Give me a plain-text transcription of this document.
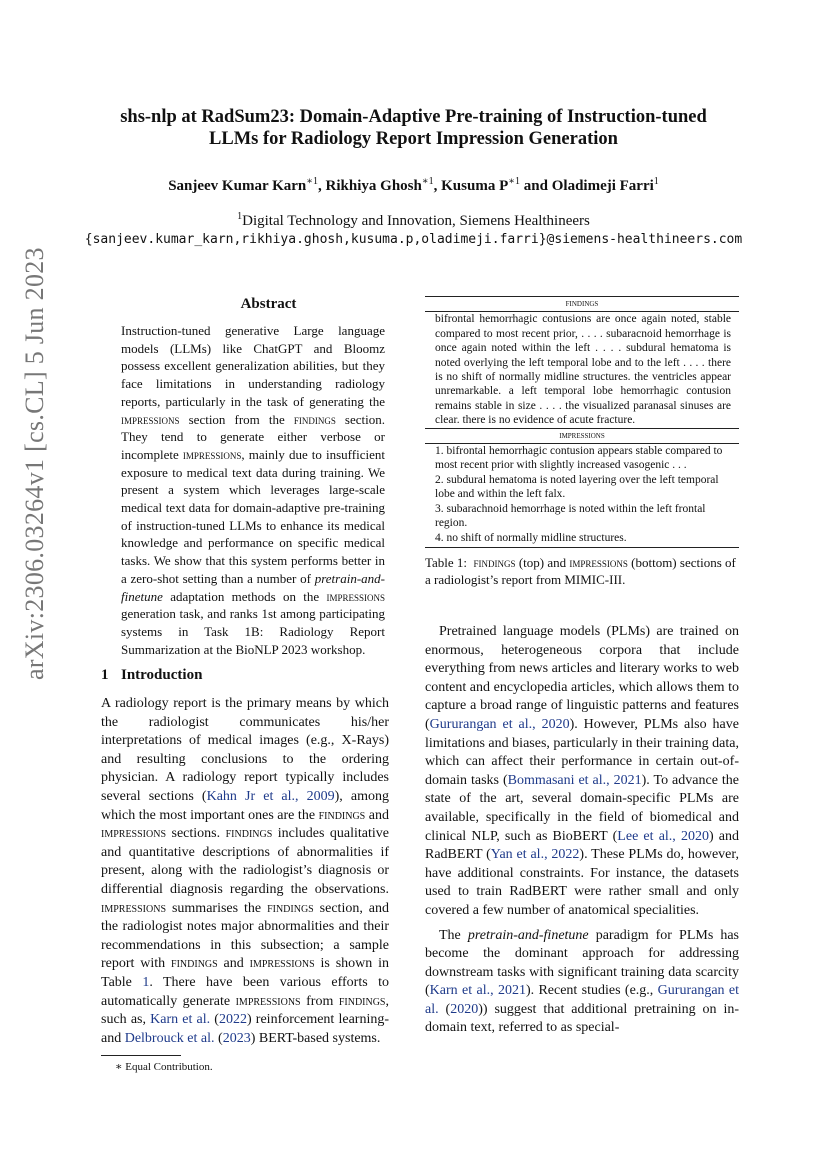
arXiv:2306.03264v1 [cs.CL] 5 Jun 2023
shs-nlp at RadSum23: Domain-Adaptive Pre-training of Instruction-tuned
LLMs for Radiology Report Impression Generation
Sanjeev Kumar Karn$^{∗1}$, Rikhiya Ghosh$^{∗1}$, Kusuma $P^{∗1}$ and Oladimeji Farri$^1$
$^1$Digital Technology and Innovation, Siemens Healthineers
{sanjeev.kumar_karn,rikhiya.ghosh,kusuma.p,oladimeji.farri}@siemens-healthineers.com
Abstract
Instruction-tuned generative Large language models (LLMs) like ChatGPT and Bloomz possess excellent generalization abilities, but they face limitations in understanding radiology reports, particularly in the task of generating the impressions section from the findings section. They tend to generate either verbose or incomplete impressions, mainly due to insufficient exposure to medical text data during training. We present a system which leverages large-scale medical text data for domain-adaptive pre-training of instruction-tuned LLMs to enhance its medical knowledge and performance on specific medical tasks. We show that this system performs better in a zero-shot setting than a number of pretrain-and-finetune adaptation methods on the impressions generation task, and ranks 1st among participating systems in Task 1B: Radiology Report Summarization at the BioNLP 2023 workshop.
1 Introduction
A radiology report is the primary means by which the radiologist communicates his/her interpretations of medical images (e.g., X-Rays) and resulting conclusions to the ordering physician. A radiology report typically includes several sections (Kahn Jr et al., 2009), among which the most important ones are the findings and impressions sections. findings includes qualitative and quantitative descriptions of abnormalities if present, along with the radiologist’s diagnosis or differential diagnosis regarding the observations. impressions summarises the findings section, and the radiologist notes major abnormalities and their recommendations in this subsection; a sample report with findings and impressions is shown in Table 1. There have been various efforts to automatically generate impressions from findings, such as, Karn et al. (2022) reinforcement learning- and Delbrouck et al. (2023) BERT-based systems.
∗ Equal Contribution.
findings
bifrontal hemorrhagic contusions are once again noted, stable compared to most recent prior, . . . . subaracnoid hemorrhage is once again noted within the left . . . . subdural hematoma is noted overlying the left temporal lobe and to the left . . . . there is no shift of normally midline structures. the ventricles appear unremarkable. a left temporal lobe hemorrhagic contusion remains stable in size . . . . the visualized paranasal sinuses are clear. there is no evidence of acute fracture.
impressions
1. bifrontal hemorrhagic contusion appears stable compared to most recent prior with slightly increased vasogenic . . .
2. subdural hematoma is noted layering over the left temporal lobe and within the left falx.
3. subarachnoid hemorrhage is noted within the left frontal region.
4. no shift of normally midline structures.
Table 1: findings (top) and impressions (bottom) sections of a radiologist’s report from MIMIC-III.

Pretrained language models (PLMs) are trained on enormous, heterogeneous corpora that include everything from news articles and literary works to web content and encyclopedia articles, which allows them to capture a broad range of linguistic patterns and features (Gururangan et al., 2020). However, PLMs also have limitations and biases, particularly in their training data, which can affect their performance in certain out-of-domain tasks (Bommasani et al., 2021). To advance the state of the art, several domain-specific PLMs are available, specifically in the field of biomedical and clinical NLP, such as BioBERT (Lee et al., 2020) and RadBERT (Yan et al., 2022). These PLMs do, however, have additional constraints. For instance, the datasets used to train RadBERT were rather small and only covered a few number of anatomical specialities.

The pretrain-and-finetune paradigm for PLMs has become the dominant approach for addressing downstream tasks with significant training data scarcity (Karn et al., 2021). Recent studies (e.g., Gururangan et al. (2020)) suggest that additional pretraining on in-domain text, referred to as special-
